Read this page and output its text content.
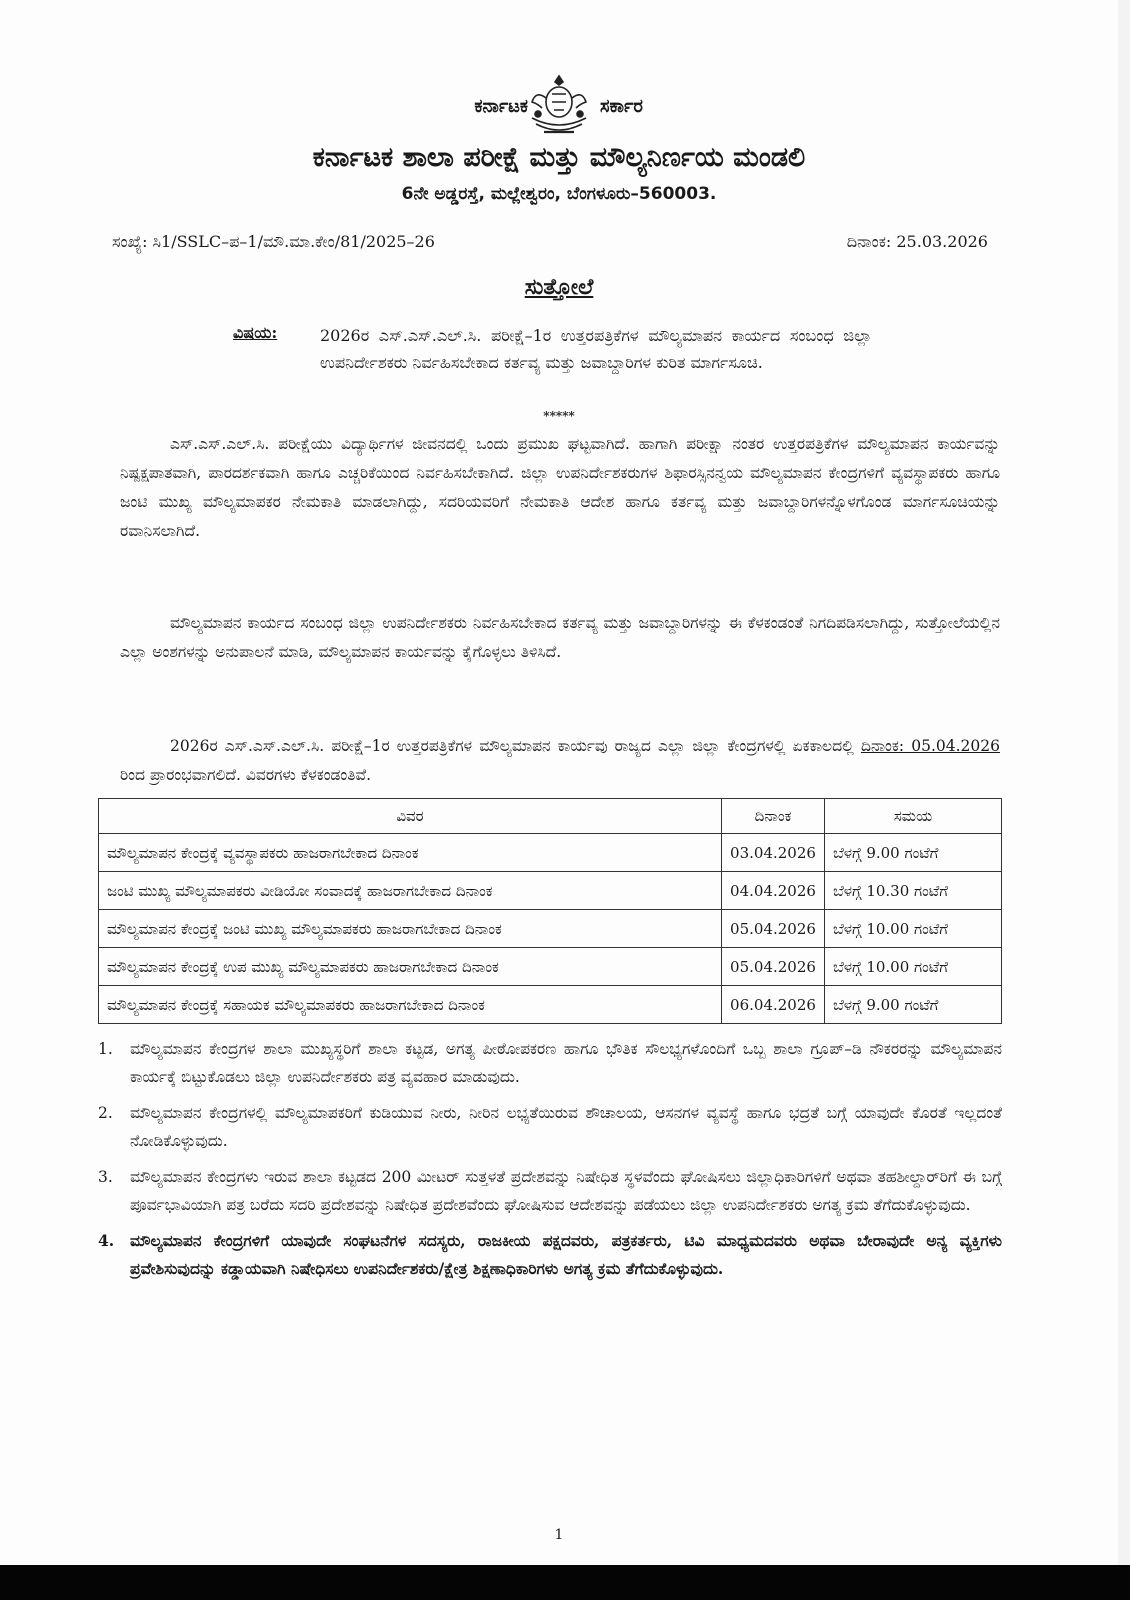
ಕರ್ನಾಟಕ	ಸರ್ಕಾರ
ಕರ್ನಾಟಕ ಶಾಲಾ ಪರೀಕ್ಷೆ ಮತ್ತು ಮೌಲ್ಯನಿರ್ಣಯ ಮಂಡಲಿ
6ನೇ ಅಡ್ಡರಸ್ತೆ, ಮಲ್ಲೇಶ್ವರಂ, ಬೆಂಗಳೂರು–560003.
ಸಂಖ್ಯೆ: ಸಿ1/SSLC–ಪ–1/ಮೌ.ಮಾ.ಕೇಂ/81/2025–26	ದಿನಾಂಕ: 25.03.2026
ಸುತ್ತೋಲೆ
ವಿಷಯ:	2026ರ ಎಸ್.ಎಸ್.ಎಲ್.ಸಿ. ಪರೀಕ್ಷೆ–1ರ ಉತ್ತರಪತ್ರಿಕೆಗಳ ಮೌಲ್ಯಮಾಪನ ಕಾರ್ಯದ ಸಂಬಂಧ ಜಿಲ್ಲಾ ಉಪನಿರ್ದೇಶಕರು ನಿರ್ವಹಿಸಬೇಕಾದ ಕರ್ತವ್ಯ ಮತ್ತು ಜವಾಬ್ದಾರಿಗಳ ಕುರಿತ ಮಾರ್ಗಸೂಚಿ.
*****
ಎಸ್.ಎಸ್.ಎಲ್.ಸಿ. ಪರೀಕ್ಷೆಯು ವಿದ್ಯಾರ್ಥಿಗಳ ಜೀವನದಲ್ಲಿ ಒಂದು ಪ್ರಮುಖ ಘಟ್ಟವಾಗಿದೆ. ಹಾಗಾಗಿ ಪರೀಕ್ಷಾ ನಂತರ ಉತ್ತರಪತ್ರಿಕೆಗಳ ಮೌಲ್ಯಮಾಪನ ಕಾರ್ಯವನ್ನು ನಿಷ್ಪಕ್ಷಪಾತವಾಗಿ, ಪಾರದರ್ಶಕವಾಗಿ ಹಾಗೂ ಎಚ್ಚರಿಕೆಯಿಂದ ನಿರ್ವಹಿಸಬೇಕಾಗಿದೆ. ಜಿಲ್ಲಾ ಉಪನಿರ್ದೇಶಕರುಗಳ ಶಿಫಾರಸ್ಸಿನನ್ವಯ ಮೌಲ್ಯಮಾಪನ ಕೇಂದ್ರಗಳಿಗೆ ವ್ಯವಸ್ಥಾಪಕರು ಹಾಗೂ ಜಂಟಿ ಮುಖ್ಯ ಮೌಲ್ಯಮಾಪಕರ ನೇಮಕಾತಿ ಮಾಡಲಾಗಿದ್ದು, ಸದರಿಯವರಿಗೆ ನೇಮಕಾತಿ ಆದೇಶ ಹಾಗೂ ಕರ್ತವ್ಯ ಮತ್ತು ಜವಾಬ್ದಾರಿಗಳನ್ನೊಳಗೊಂಡ ಮಾರ್ಗಸೂಚಿಯನ್ನು ರವಾನಿಸಲಾಗಿದೆ.
ಮೌಲ್ಯಮಾಪನ ಕಾರ್ಯದ ಸಂಬಂಧ ಜಿಲ್ಲಾ ಉಪನಿರ್ದೇಶಕರು ನಿರ್ವಹಿಸಬೇಕಾದ ಕರ್ತವ್ಯ ಮತ್ತು ಜವಾಬ್ದಾರಿಗಳನ್ನು ಈ ಕೆಳಕಂಡಂತೆ ನಿಗದಿಪಡಿಸಲಾಗಿದ್ದು, ಸುತ್ತೋಲೆಯಲ್ಲಿನ ಎಲ್ಲಾ ಅಂಶಗಳನ್ನು ಅನುಪಾಲನೆ ಮಾಡಿ, ಮೌಲ್ಯಮಾಪನ ಕಾರ್ಯವನ್ನು ಕೈಗೊಳ್ಳಲು ತಿಳಿಸಿದೆ.
2026ರ ಎಸ್.ಎಸ್.ಎಲ್.ಸಿ. ಪರೀಕ್ಷೆ–1ರ ಉತ್ತರಪತ್ರಿಕೆಗಳ ಮೌಲ್ಯಮಾಪನ ಕಾರ್ಯವು ರಾಜ್ಯದ ಎಲ್ಲಾ ಜಿಲ್ಲಾ ಕೇಂದ್ರಗಳಲ್ಲಿ ಏಕಕಾಲದಲ್ಲಿ ದಿನಾಂಕ: 05.04.2026 ರಿಂದ ಪ್ರಾರಂಭವಾಗಲಿದೆ. ವಿವರಗಳು ಕೆಳಕಂಡಂತಿವೆ.
ವಿವರ	ದಿನಾಂಕ	ಸಮಯ
ಮೌಲ್ಯಮಾಪನ ಕೇಂದ್ರಕ್ಕೆ ವ್ಯವಸ್ಥಾಪಕರು ಹಾಜರಾಗಬೇಕಾದ ದಿನಾಂಕ	03.04.2026	ಬೆಳಗ್ಗೆ 9.00 ಗಂಟೆಗೆ
ಜಂಟಿ ಮುಖ್ಯ ಮೌಲ್ಯಮಾಪಕರು ವೀಡಿಯೋ ಸಂವಾದಕ್ಕೆ ಹಾಜರಾಗಬೇಕಾದ ದಿನಾಂಕ	04.04.2026	ಬೆಳಗ್ಗೆ 10.30 ಗಂಟೆಗೆ
ಮೌಲ್ಯಮಾಪನ ಕೇಂದ್ರಕ್ಕೆ ಜಂಟಿ ಮುಖ್ಯ ಮೌಲ್ಯಮಾಪಕರು ಹಾಜರಾಗಬೇಕಾದ ದಿನಾಂಕ	05.04.2026	ಬೆಳಗ್ಗೆ 10.00 ಗಂಟೆಗೆ
ಮೌಲ್ಯಮಾಪನ ಕೇಂದ್ರಕ್ಕೆ ಉಪ ಮುಖ್ಯ ಮೌಲ್ಯಮಾಪಕರು ಹಾಜರಾಗಬೇಕಾದ ದಿನಾಂಕ	05.04.2026	ಬೆಳಗ್ಗೆ 10.00 ಗಂಟೆಗೆ
ಮೌಲ್ಯಮಾಪನ ಕೇಂದ್ರಕ್ಕೆ ಸಹಾಯಕ ಮೌಲ್ಯಮಾಪಕರು ಹಾಜರಾಗಬೇಕಾದ ದಿನಾಂಕ	06.04.2026	ಬೆಳಗ್ಗೆ 9.00 ಗಂಟೆಗೆ
1. ಮೌಲ್ಯಮಾಪನ ಕೇಂದ್ರಗಳ ಶಾಲಾ ಮುಖ್ಯಸ್ಥರಿಗೆ ಶಾಲಾ ಕಟ್ಟಡ, ಅಗತ್ಯ ಪೀಠೋಪಕರಣ ಹಾಗೂ ಭೌತಿಕ ಸೌಲಭ್ಯಗಳೊಂದಿಗೆ ಒಬ್ಬ ಶಾಲಾ ಗ್ರೂಪ್–ಡಿ ನೌಕರರನ್ನು ಮೌಲ್ಯಮಾಪನ ಕಾರ್ಯಕ್ಕೆ ಬಿಟ್ಟುಕೊಡಲು ಜಿಲ್ಲಾ ಉಪನಿರ್ದೇಶಕರು ಪತ್ರ ವ್ಯವಹಾರ ಮಾಡುವುದು.
2. ಮೌಲ್ಯಮಾಪನ ಕೇಂದ್ರಗಳಲ್ಲಿ ಮೌಲ್ಯಮಾಪಕರಿಗೆ ಕುಡಿಯುವ ನೀರು, ನೀರಿನ ಲಭ್ಯತೆಯಿರುವ ಶೌಚಾಲಯ, ಆಸನಗಳ ವ್ಯವಸ್ಥೆ ಹಾಗೂ ಭದ್ರತೆ ಬಗ್ಗೆ ಯಾವುದೇ ಕೊರತೆ ಇಲ್ಲದಂತೆ ನೋಡಿಕೊಳ್ಳುವುದು.
3. ಮೌಲ್ಯಮಾಪನ ಕೇಂದ್ರಗಳು ಇರುವ ಶಾಲಾ ಕಟ್ಟಡದ 200 ಮೀಟರ್ ಸುತ್ತಳತೆ ಪ್ರದೇಶವನ್ನು ನಿಷೇಧಿತ ಸ್ಥಳವೆಂದು ಘೋಷಿಸಲು ಜಿಲ್ಲಾಧಿಕಾರಿಗಳಿಗೆ ಅಥವಾ ತಹಶೀಲ್ದಾರ್‌ರಿಗೆ ಈ ಬಗ್ಗೆ ಪೂರ್ವಭಾವಿಯಾಗಿ ಪತ್ರ ಬರೆದು ಸದರಿ ಪ್ರದೇಶವನ್ನು ನಿಷೇಧಿತ ಪ್ರದೇಶವೆಂದು ಘೋಷಿಸುವ ಆದೇಶವನ್ನು ಪಡೆಯಲು ಜಿಲ್ಲಾ ಉಪನಿರ್ದೇಶಕರು ಅಗತ್ಯ ಕ್ರಮ ತೆಗೆದುಕೊಳ್ಳುವುದು.
4. ಮೌಲ್ಯಮಾಪನ ಕೇಂದ್ರಗಳಿಗೆ ಯಾವುದೇ ಸಂಘಟನೆಗಳ ಸದಸ್ಯರು, ರಾಜಕೀಯ ಪಕ್ಷದವರು, ಪತ್ರಕರ್ತರು, ಟಿವಿ ಮಾಧ್ಯಮದವರು ಅಥವಾ ಬೇರಾವುದೇ ಅನ್ಯ ವ್ಯಕ್ತಿಗಳು ಪ್ರವೇಶಿಸುವುದನ್ನು ಕಡ್ಡಾಯವಾಗಿ ನಿಷೇಧಿಸಲು ಉಪನಿರ್ದೇಶಕರು/ಕ್ಷೇತ್ರ ಶಿಕ್ಷಣಾಧಿಕಾರಿಗಳು ಅಗತ್ಯ ಕ್ರಮ ತೆಗೆದುಕೊಳ್ಳುವುದು.
1
